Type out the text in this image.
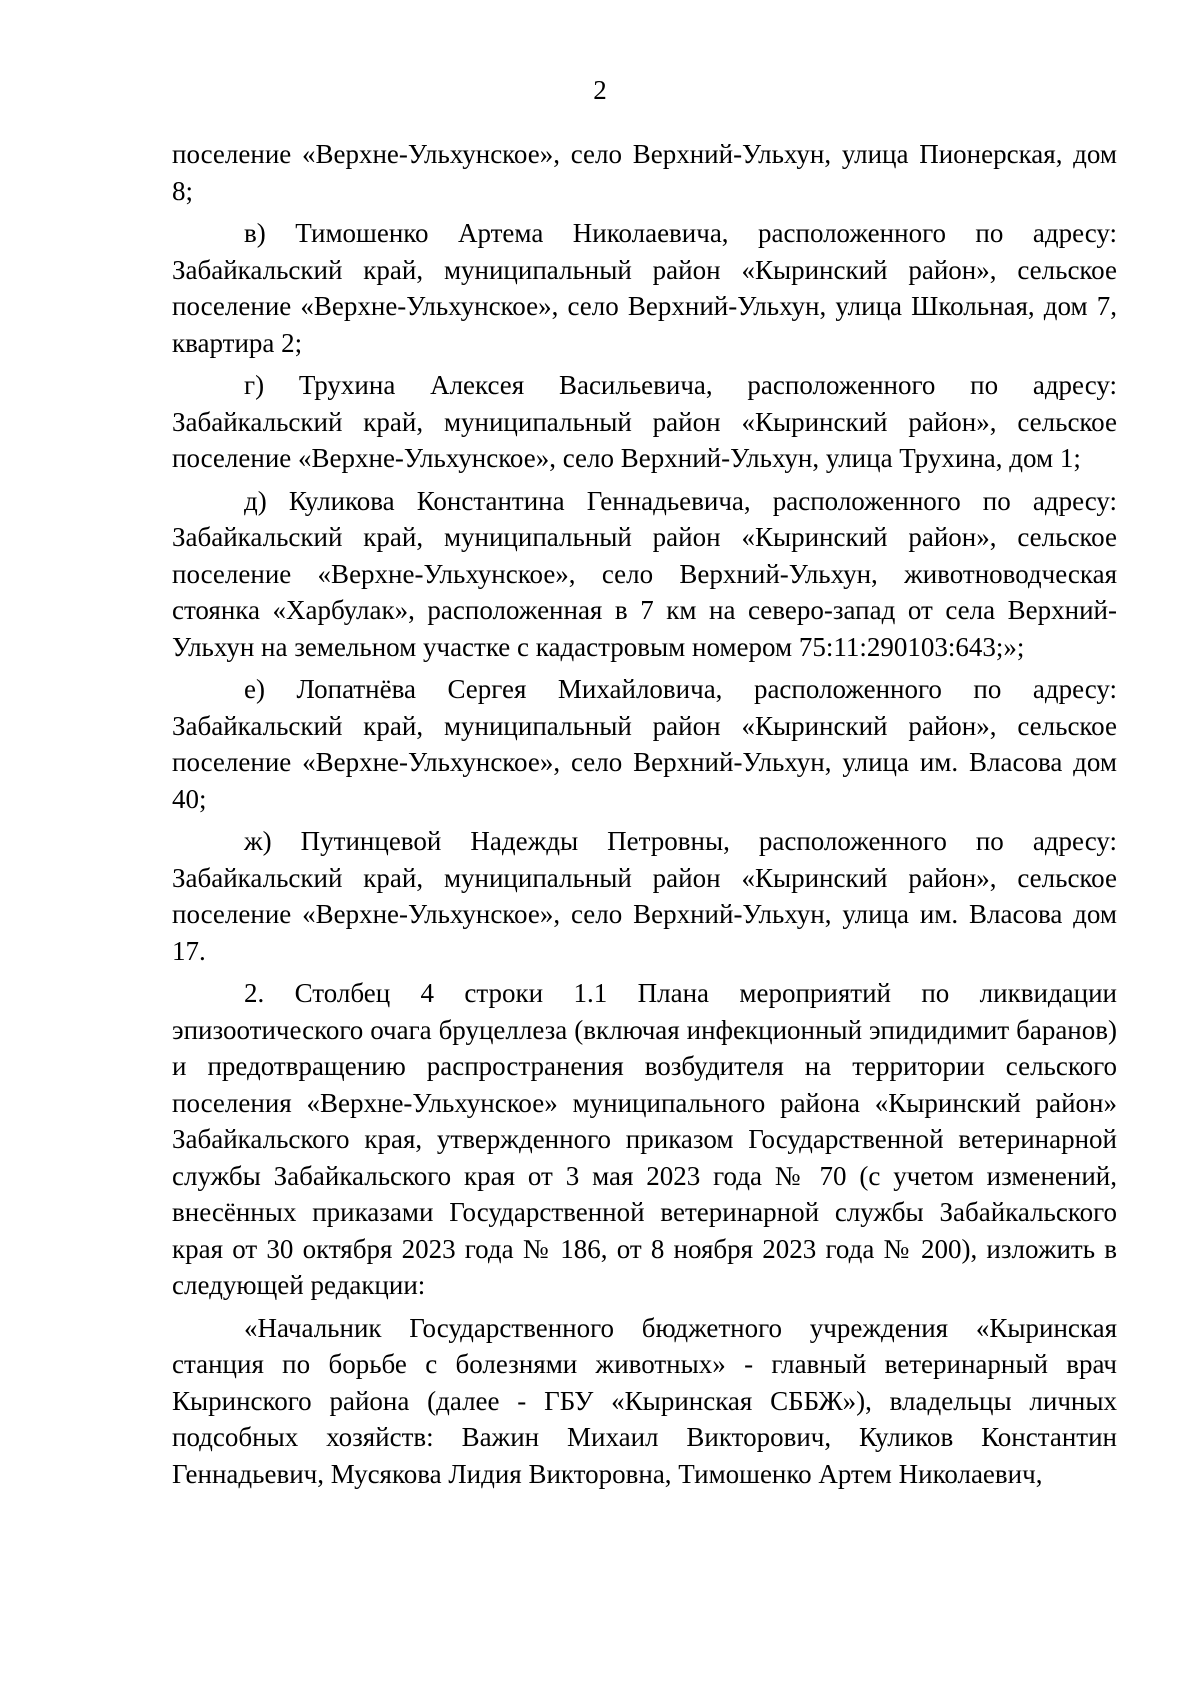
2

поселение «Верхне-Ульхунское», село Верхний-Ульхун, улица Пионерская, дом 8;

в) Тимошенко Артема Николаевича, расположенного по адресу: Забайкальский край, муниципальный район «Кыринский район», сельское поселение «Верхне-Ульхунское», село Верхний-Ульхун, улица Школьная, дом 7, квартира 2;

г) Трухина Алексея Васильевича, расположенного по адресу: Забайкальский край, муниципальный район «Кыринский район», сельское поселение «Верхне-Ульхунское», село Верхний-Ульхун, улица Трухина, дом 1;

д) Куликова Константина Геннадьевича, расположенного по адресу: Забайкальский край, муниципальный район «Кыринский район», сельское поселение «Верхне-Ульхунское», село Верхний-Ульхун, животноводческая стоянка «Харбулак», расположенная в 7 км на северо-запад от села Верхний-Ульхун на земельном участке с кадастровым номером 75:11:290103:643;»;

е) Лопатнёва Сергея Михайловича, расположенного по адресу: Забайкальский край, муниципальный район «Кыринский район», сельское поселение «Верхне-Ульхунское», село Верхний-Ульхун, улица им. Власова дом 40;

ж) Путинцевой Надежды Петровны, расположенного по адресу: Забайкальский край, муниципальный район «Кыринский район», сельское поселение «Верхне-Ульхунское», село Верхний-Ульхун, улица им. Власова дом 17.

2. Столбец 4 строки 1.1 Плана мероприятий по ликвидации эпизоотического очага бруцеллеза (включая инфекционный эпидидимит баранов) и предотвращению распространения возбудителя на территории сельского поселения «Верхне-Ульхунское» муниципального района «Кыринский район» Забайкальского края, утвержденного приказом Государственной ветеринарной службы Забайкальского края от 3 мая 2023 года № 70 (с учетом изменений, внесённых приказами Государственной ветеринарной службы Забайкальского края от 30 октября 2023 года № 186, от 8 ноября 2023 года № 200), изложить в следующей редакции:

«Начальник Государственного бюджетного учреждения «Кыринская станция по борьбе с болезнями животных» - главный ветеринарный врач Кыринского района (далее - ГБУ «Кыринская СББЖ»), владельцы личных подсобных хозяйств: Важин Михаил Викторович, Куликов Константин Геннадьевич, Мусякова Лидия Викторовна, Тимошенко Артем Николаевич,
